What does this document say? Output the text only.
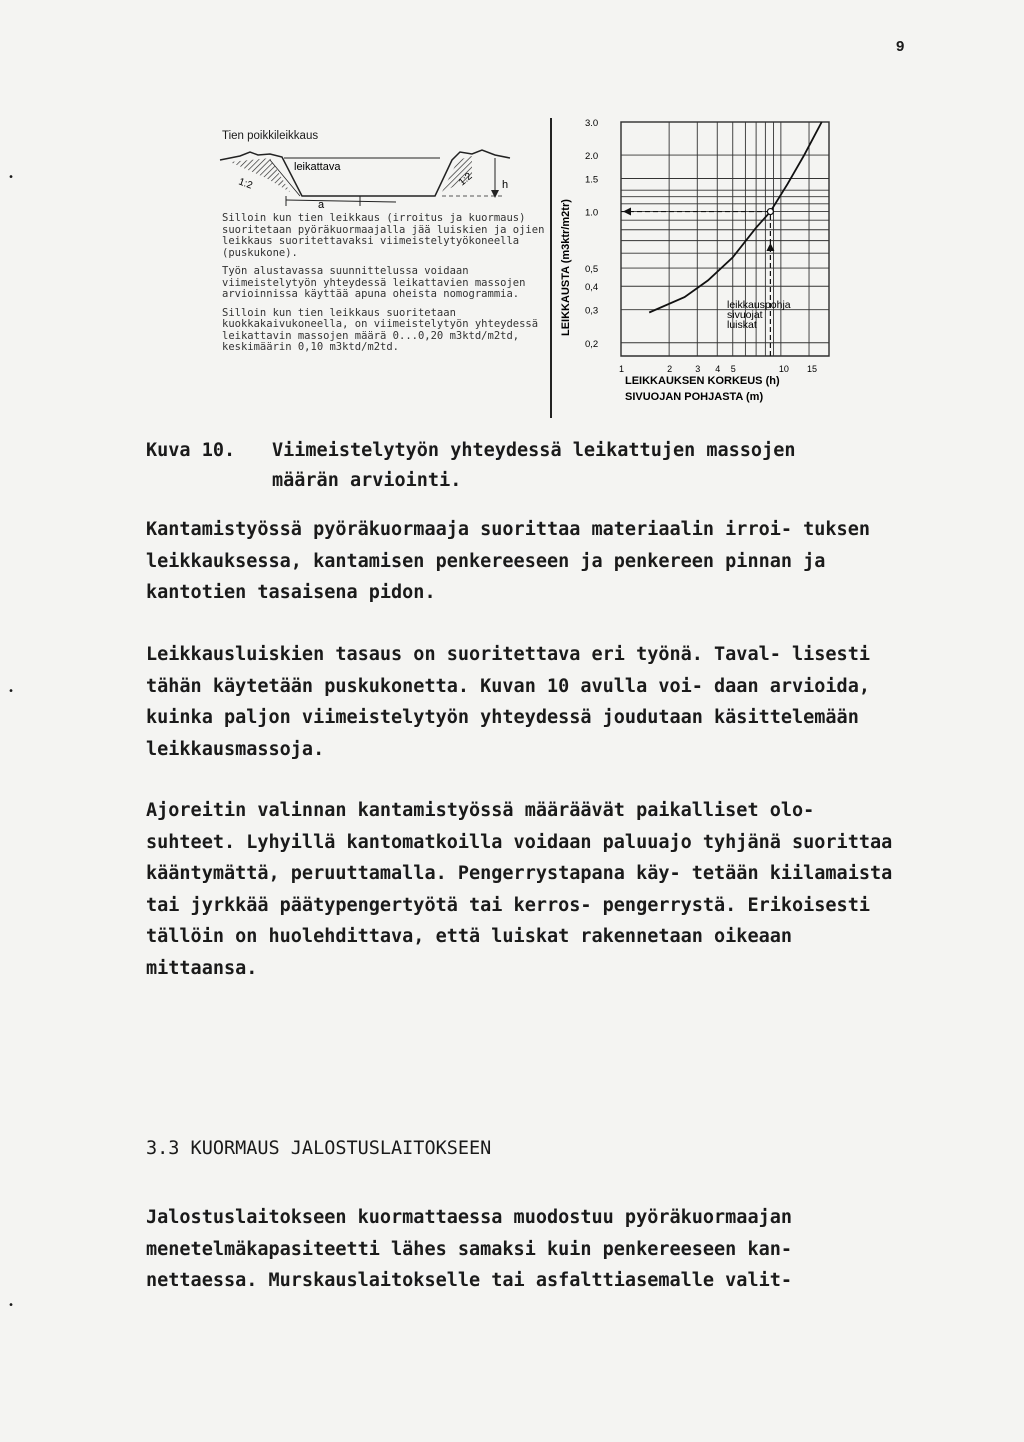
9
Tien poikkileikkaus
leikattava
a
h
1:2	1:2

Silloin kun tien leikkaus (irroitus ja kuormaus) suoritetaan pyöräkuormaajalla jää luiskien ja ojien leikkaus suoritettavaksi viimeistelytyökoneella (puskukone).

Työn alustavassa suunnittelussa voidaan viimeistelytyön yhteydessä leikattavien massojen arvioinnissa käyttää apuna oheista nomogrammia.

Silloin kun tien leikkaus suoritetaan kuokkakaivukoneella, on viimeistelytyön yhteydessä leikattavin massojen määrä 0...0,20 m3ktd/m2td, keskimäärin 0,10 m3ktd/m2td.

LEIKKAUSTA (m3ktr/m2tr)
3.0
2.0
1.5
1.0
0,5
0,4
0,3
0,2
1	2	3 4 5	10 15
LEIKKAUKSEN KORKEUS (h)
SIVUOJAN POHJASTA (m)
leikkauspohja
sivuojat
luiskat
Kuva 10. Viimeistelytyön yhteydessä leikattujen massojen
määrän arviointi.

Kantamistyössä pyöräkuormaaja suorittaa materiaalin irroi- tuksen leikkauksessa, kantamisen penkereeseen ja penkereen pinnan ja kantotien tasaisena pidon.

Leikkausluiskien tasaus on suoritettava eri työnä. Taval- lisesti tähän käytetään puskukonetta. Kuvan 10 avulla voi- daan arvioida, kuinka paljon viimeistelytyön yhteydessä joudutaan käsittelemään leikkausmassoja.

Ajoreitin valinnan kantamistyössä määräävät paikalliset olo- suhteet. Lyhyillä kantomatkoilla voidaan paluuajo tyhjänä suorittaa kääntymättä, peruuttamalla. Pengerrystapana käy- tetään kiilamaista tai jyrkkää päätypengertyötä tai kerros- pengerrystä. Erikoisesti tällöin on huolehdittava, että luiskat rakennetaan oikeaan mittaansa.

3.3 KUORMAUS JALOSTUSLAITOKSEEN

Jalostuslaitokseen kuormattaessa muodostuu pyöräkuormaajan menetelmäkapasiteetti lähes samaksi kuin penkereeseen kan- nettaessa. Murskauslaitokselle tai asfalttiasemalle valit-

•
•
•
